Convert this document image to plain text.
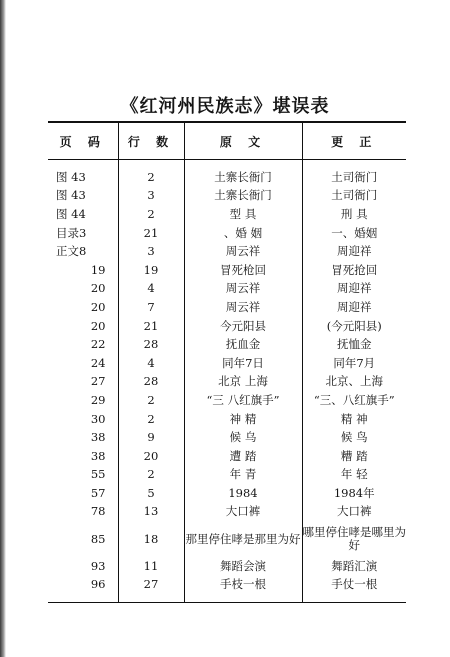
《红河州民族志》堪误表
页 码	行 数	原 文	更 正
图 43	2	土寨长衙门	土司衙门
图 43	3	土寨长衙门	土司衙门
图 44	2	型 具	刑 具
目录3	21	、婚 姻	一、婚姻
正文8	3	周云祥	周迎祥
19	19	冒死枪回	冒死抢回
20	4	周云祥	周迎祥
20	7	周云祥	周迎祥
20	21	今元阳县	(今元阳县)
22	28	抚血金	抚恤金
24	4	同年7日	同年7月
27	28	北京 上海	北京、上海
29	2	“三 八红旗手”	“三、八红旗手”
30	2	神 精	精 神
38	9	候 乌	候 鸟
38	20	遭 踏	糟 踏
55	2	年 青	年 轻
57	5	1984	1984年
78	13	大口裤	大口裤
85	18	那里停住哮是那里为好	哪里停住哮是哪里为好
93	11	舞蹈会演	舞蹈汇演
96	27	手枝一根	手仗一根
